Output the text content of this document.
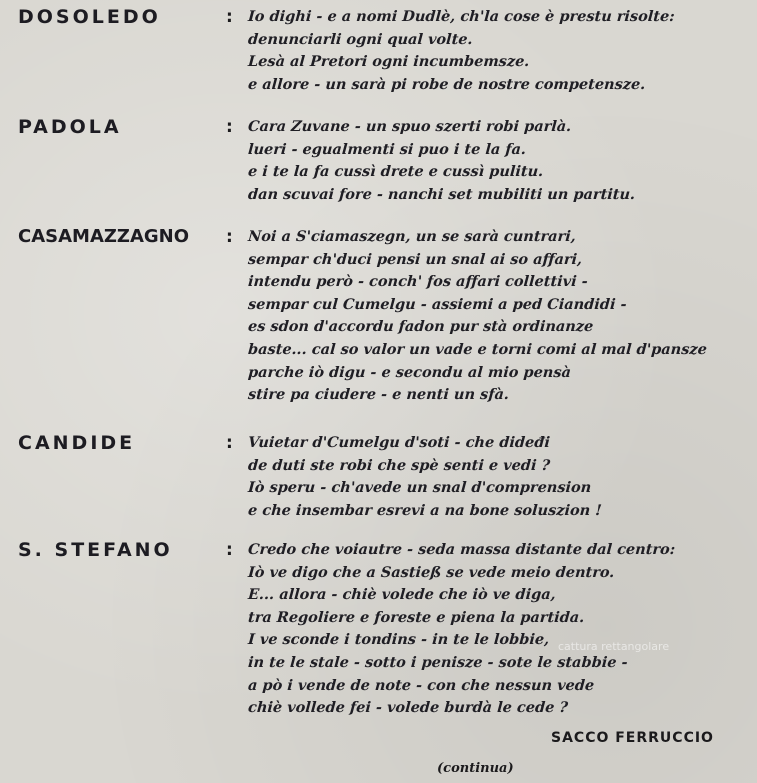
DOSOLEDO	: Io dighi - e a nomi Dudlè, ch'la cose è prestu risolte:
denunciarli ogni qual volte.
Lesà al Pretori ogni incumbemsze.
e allore - un sarà pi robe de nostre competensze.
PADOLA	: Cara Zuvane - un spuo szerti robi parlà.
lueri - egualmenti si puo i te la fa.
e i te la fa cussì drete e cussì pulitu.
dan scuvai fore - nanchi set mubiliti un partitu.
CASAMAZZAGNO : Noi a S'ciamaszegn, un se sarà cuntrari,
sempar ch'duci pensi un snal ai so affari,
intendu però - conch' fos affari collettivi -
sempar cul Cumelgu - assiemi a ped Ciandidi -
es sdon d'accordu fadon pur stà ordinanze
baste... cal so valor un vade e torni comi al mal d'pansze
parche iò digu - e secondu al mio pensà
stire pa ciudere - e nenti un sfà.
CANDIDE	: Vuietar d'Cumelgu d'soti - che dideđi
de duti ste robi che spè senti e vedi ?
Iò speru - ch'avede un snal d'comprension
e che insembar esrevi a na bone soluszion !
S. STEFANO	: Credo che voiautre - seda massa distante dal centro:
Iò ve digo che a Sastieß se vede meio dentro.
E... allora - chiè volede che iò ve diga,
tra Regoliere e foreste e piena la partida.
I ve sconde i tondins - in te le lobbie,
in te le stale - sotto i penisze - sote le stabbie -
a pò i vende de note - con che nessun vede
chiè vollede fei - volede burdà le cede ?
cattura rettangolare
SACCO FERRUCCIO
(continua)
